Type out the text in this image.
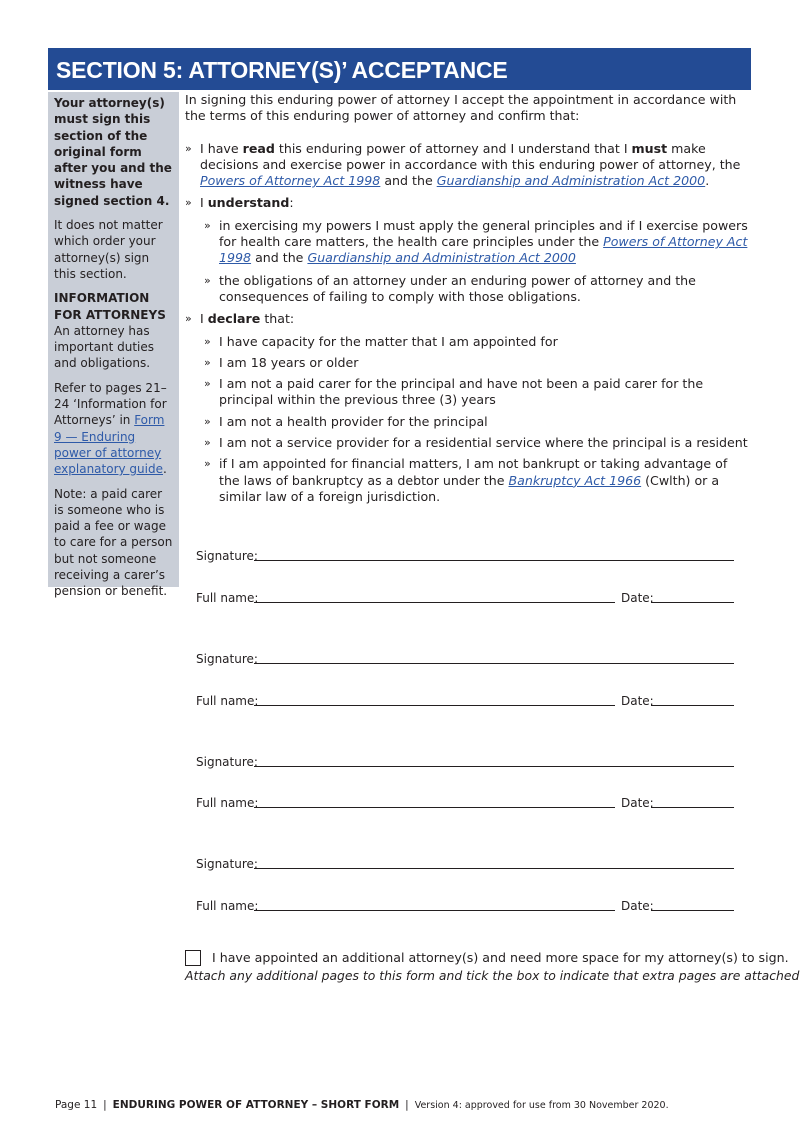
SECTION 5: ATTORNEY(S)’ ACCEPTANCE

Your attorney(s) must sign this section of the original form after you and the witness have signed section 4.

It does not matter which order your attorney(s) sign this section.

INFORMATION FOR ATTORNEYS

An attorney has important duties and obligations.

Refer to pages 21–24 ‘Information for Attorneys’ in Form 9 — Enduring power of attorney explanatory guide.

Note: a paid carer is someone who is paid a fee or wage to care for a person but not someone receiving a carer’s pension or benefit.

In signing this enduring power of attorney I accept the appointment in accordance with the terms of this enduring power of attorney and confirm that:

» I have read this enduring power of attorney and I understand that I must make decisions and exercise power in accordance with this enduring power of attorney, the Powers of Attorney Act 1998 and the Guardianship and Administration Act 2000.
» I understand:
» in exercising my powers I must apply the general principles and if I exercise powers for health care matters, the health care principles under the Powers of Attorney Act 1998 and the Guardianship and Administration Act 2000
» the obligations of an attorney under an enduring power of attorney and the consequences of failing to comply with those obligations.
» I declare that:
» I have capacity for the matter that I am appointed for
» I am 18 years or older
» I am not a paid carer for the principal and have not been a paid carer for the principal within the previous three (3) years
» I am not a health provider for the principal
» I am not a service provider for a residential service where the principal is a resident
» if I am appointed for financial matters, I am not bankrupt or taking advantage of the laws of bankruptcy as a debtor under the Bankruptcy Act 1966 (Cwlth) or a similar law of a foreign jurisdiction.
Signature:
Full name:	Date:
Signature:
Full name:	Date:
Signature:
Full name:	Date:
Signature:
Full name:	Date:
I have appointed an additional attorney(s) and need more space for my attorney(s) to sign.
Attach any additional pages to this form and tick the box to indicate that extra pages are attached
Page 11 | ENDURING POWER OF ATTORNEY – SHORT FORM | Version 4: approved for use from 30 November 2020.
